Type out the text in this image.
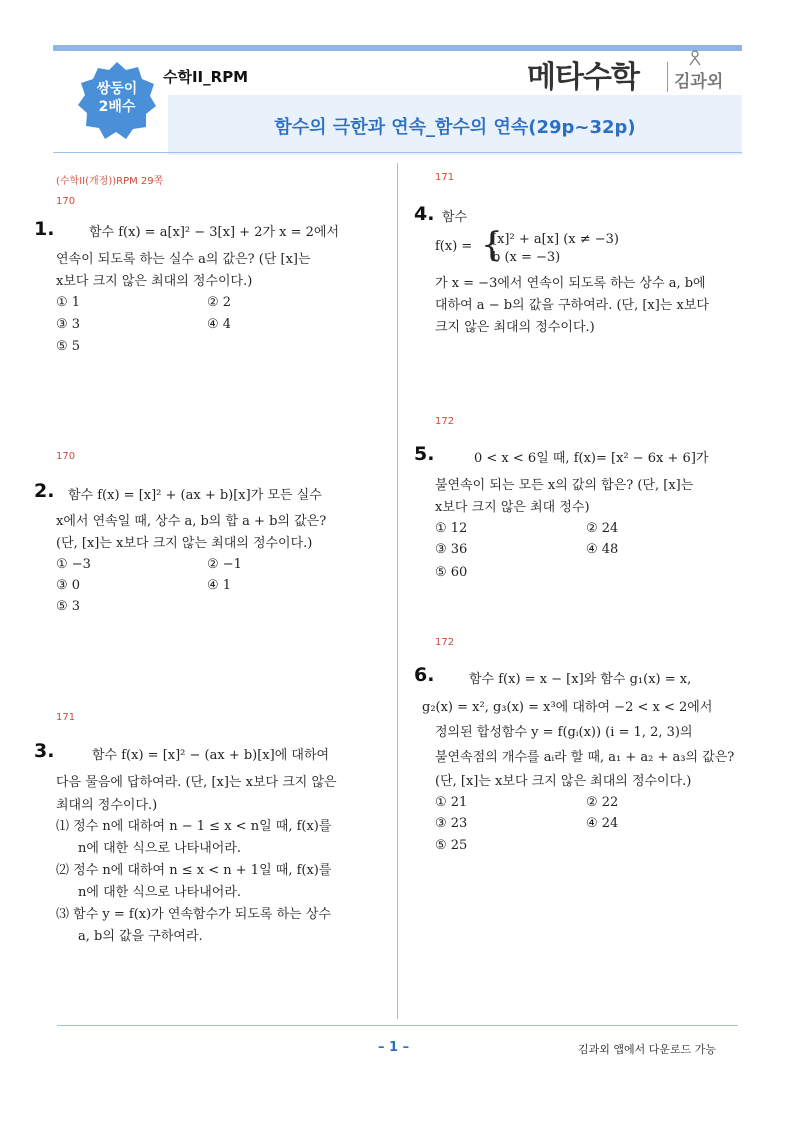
쌍둥이
2배수
수학II_RPM	메타수학 김과외
함수의 극한과 연속_함수의 연속(29p~32p)
(수학II(개정))RPM 29쪽
170
1.	함수 f(x) = a[x]² − 3[x] + 2가 x = 2에서
연속이 되도록 하는 실수 a의 값은? (단 [x]는
x보다 크지 않은 최대의 정수이다.)
① 1	② 2
③ 3	④ 4
⑤ 5
170
2. 함수 f(x) = [x]² + (ax + b)[x]가 모든 실수
x에서 연속일 때, 상수 a, b의 합 a + b의 값은?
(단, [x]는 x보다 크지 않는 최대의 정수이다.)
① −3	② −1
③ 0	④ 1
⑤ 3
171
3.	함수 f(x) = [x]² − (ax + b)[x]에 대하여
다음 물음에 답하여라. (단, [x]는 x보다 크지 않은
최대의 정수이다.)
⑴ 정수 n에 대하여 n − 1 ≤ x < n일 때, f(x)를
n에 대한 식으로 나타내어라.
⑵ 정수 n에 대하여 n ≤ x < n + 1일 때, f(x)를
n에 대한 식으로 나타내어라.
⑶ 함수 y = f(x)가 연속함수가 되도록 하는 상수
a, b의 값을 구하여라.
171
4. 함수
f(x) = {
[x]² + a[x] (x ≠ −3)
b (x = −3)
가 x = −3에서 연속이 되도록 하는 상수 a, b에
대하여 a − b의 값을 구하여라. (단, [x]는 x보다
크지 않은 최대의 정수이다.)
172
5.	0 < x < 6일 때, f(x)= [x² − 6x + 6]가
불연속이 되는 모든 x의 값의 합은? (단, [x]는
x보다 크지 않은 최대 정수)
① 12	② 24
③ 36	④ 48
⑤ 60
172
6.	함수 f(x) = x − [x]와 함수 g₁(x) = x,
g₂(x) = x², g₃(x) = x³에 대하여 −2 < x < 2에서
정의된 합성함수 y = f(gᵢ(x)) (i = 1, 2, 3)의
불연속점의 개수를 aᵢ라 할 때, a₁ + a₂ + a₃의 값은?
(단, [x]는 x보다 크지 않은 최대의 정수이다.)
① 21	② 22
③ 23	④ 24
⑤ 25
– 1 –	김과외 앱에서 다운로드 가능
